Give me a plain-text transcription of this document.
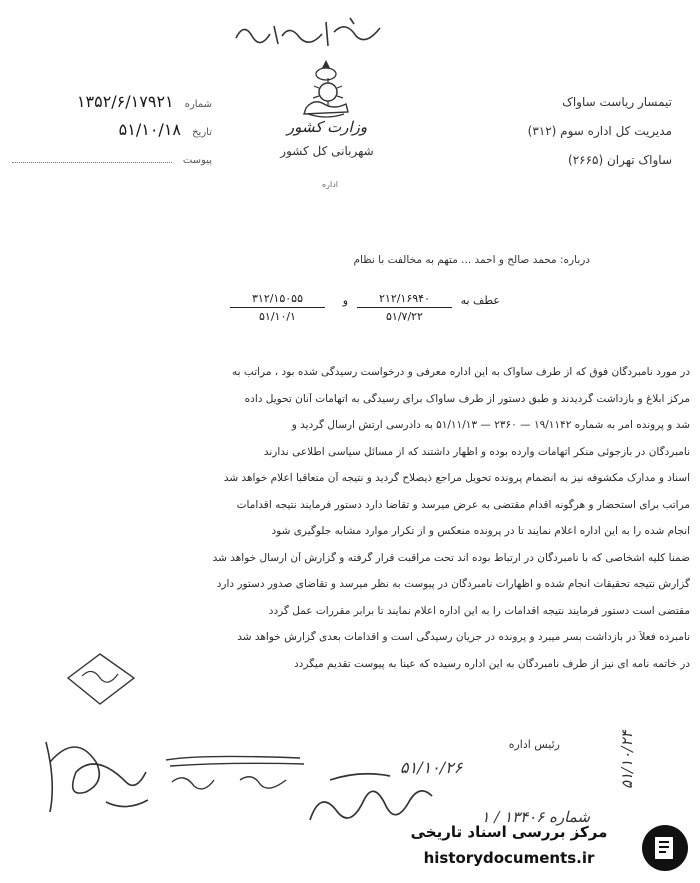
وزارت کشور
شهربانی کل کشور
اداره
شماره ۱۳۵۲/۶/۱۷۹۲۱
تاریخ ۵۱/۱۰/۱۸
پیوست
تیمسار ریاست ساواک
مدیریت کل اداره سوم (۳۱۲)
ساواک تهران (۲۶۶۵)
درباره: محمد صالح و احمد ... متهم به مخالفت با نظام
عطف به
۲۱۲/۱۶۹۴۰
۵۱/۷/۲۲
و
۳۱۲/۱۵۰۵۵
۵۱/۱۰/۱
در مورد نامبردگان فوق که از طرف ساواک به این اداره معرفی و درخواست رسیدگی شده بود ، مراتب به
مرکز ابلاغ و بازداشت گردیدند و طبق دستور از طرف ساواک برای رسیدگی به اتهامات آنان تحویل داده
شد و پرونده امر به شماره ۱۹/۱۱۴۲ — ۲۳۶۰ — ۵۱/۱۱/۱۳ به دادرسی ارتش ارسال گردید و
نامبردگان در بازجوئی منکر اتهامات وارده بوده و اظهار داشتند که از مسائل سیاسی اطلاعی ندارند
اسناد و مدارک مکشوفه نیز به انضمام پرونده تحویل مراجع ذیصلاح گردید و نتیجه آن متعاقباً اعلام خواهد شد
مراتب برای استحضار و هرگونه اقدام مقتضی به عرض میرسد و تقاضا دارد دستور فرمایند نتیجه اقدامات
انجام شده را به این اداره اعلام نمایند تا در پرونده منعکس و از تکرار موارد مشابه جلوگیری شود
ضمناً کلیه اشخاصی که با نامبردگان در ارتباط بوده اند تحت مراقبت قرار گرفته و گزارش آن ارسال خواهد شد
گزارش نتیجه تحقیقات انجام شده و اظهارات نامبردگان در پیوست به نظر میرسد و تقاضای صدور دستور دارد
مقتضی است دستور فرمایند نتیجه اقدامات را به این اداره اعلام نمایند تا برابر مقررات عمل گردد
نامبرده فعلاً در بازداشت بسر میبرد و پرونده در جریان رسیدگی است و اقدامات بعدی گزارش خواهد شد
در خاتمه نامه ای نیز از طرف نامبردگان به این اداره رسیده که عیناً به پیوست تقدیم میگردد
رئیس اداره
۵۱/۱۰/۲۶
شماره ۱۳۴۰۶ / ۱
۵۱/۱۰/۲۴
مرکز بررسی اسناد تاریخی
historydocuments.ir
